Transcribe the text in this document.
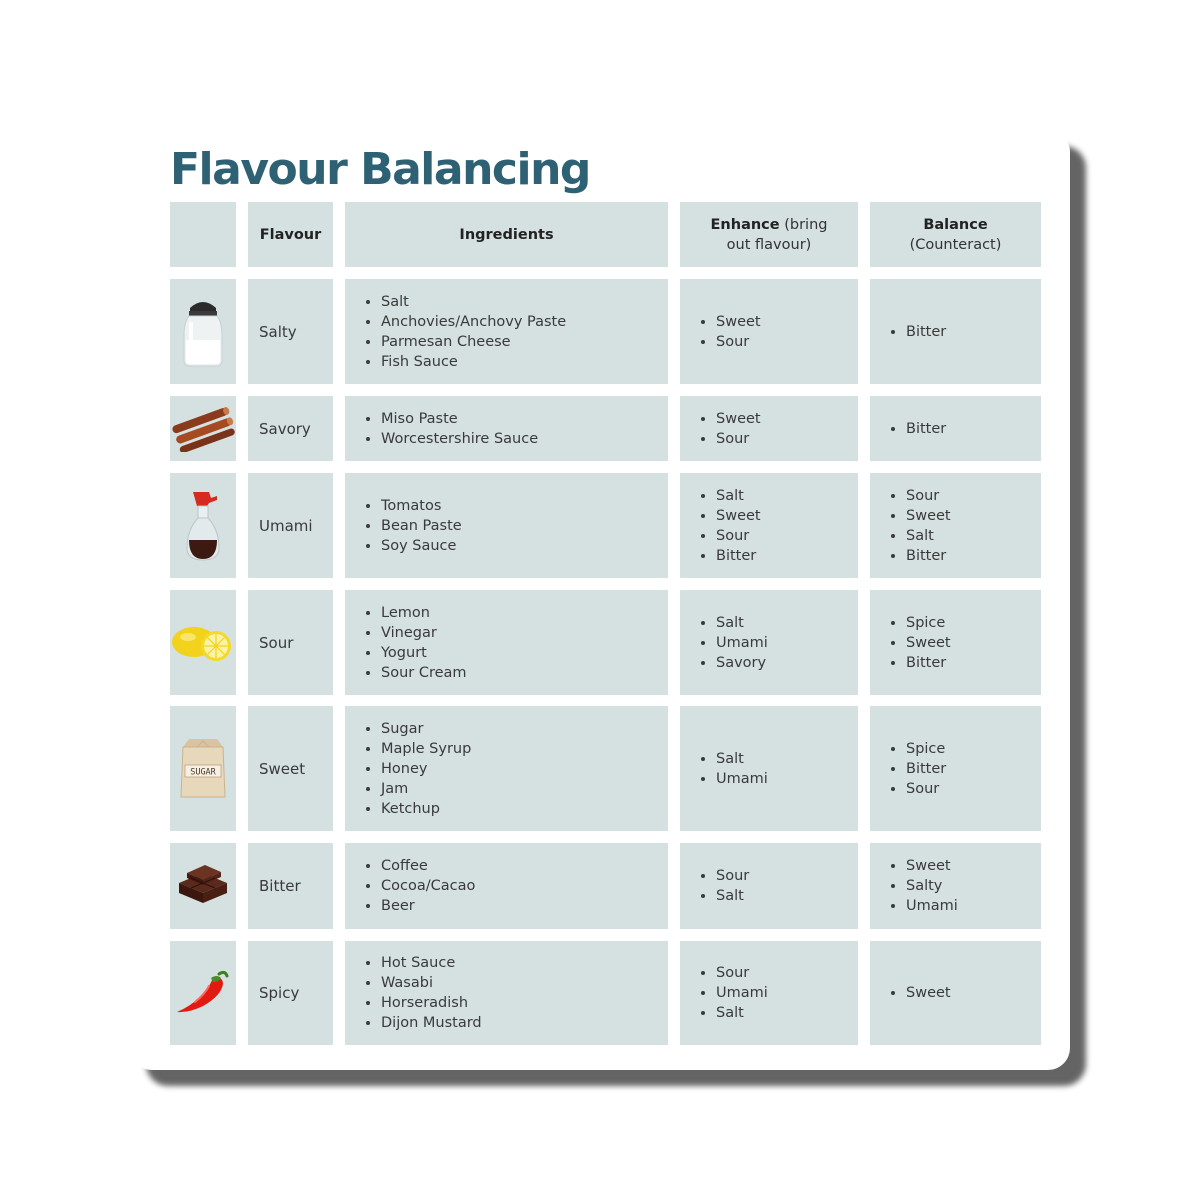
Flavour Balancing
Flavour	Ingredients
Enhance (bring out flavour)
Balance
(Counteract)
Salty
• Salt
• Anchovies/Anchovy Paste
• Parmesan Cheese
• Fish Sauce
• Sweet
• Sour
• Bitter
Savory
• Miso Paste
• Worcestershire Sauce
• Sweet
• Sour
• Bitter
Umami
• Tomatos
• Bean Paste
• Soy Sauce
• Salt
• Sweet
• Sour
• Bitter
• Sour
• Sweet
• Salt
• Bitter
Sour
• Lemon
• Vinegar
• Yogurt
• Sour Cream
• Salt
• Umami
• Savory
• Spice
• Sweet
• Bitter
SUGAR	Sweet
• Sugar
• Maple Syrup
• Honey
• Jam
• Ketchup
• Salt
• Umami
• Spice
• Bitter
• Sour
Bitter
• Coffee
• Cocoa/Cacao
• Beer
• Sour
• Salt
• Sweet
• Salty
• Umami
Spicy
• Hot Sauce
• Wasabi
• Horseradish
• Dijon Mustard
• Sour
• Umami
• Salt
• Sweet
